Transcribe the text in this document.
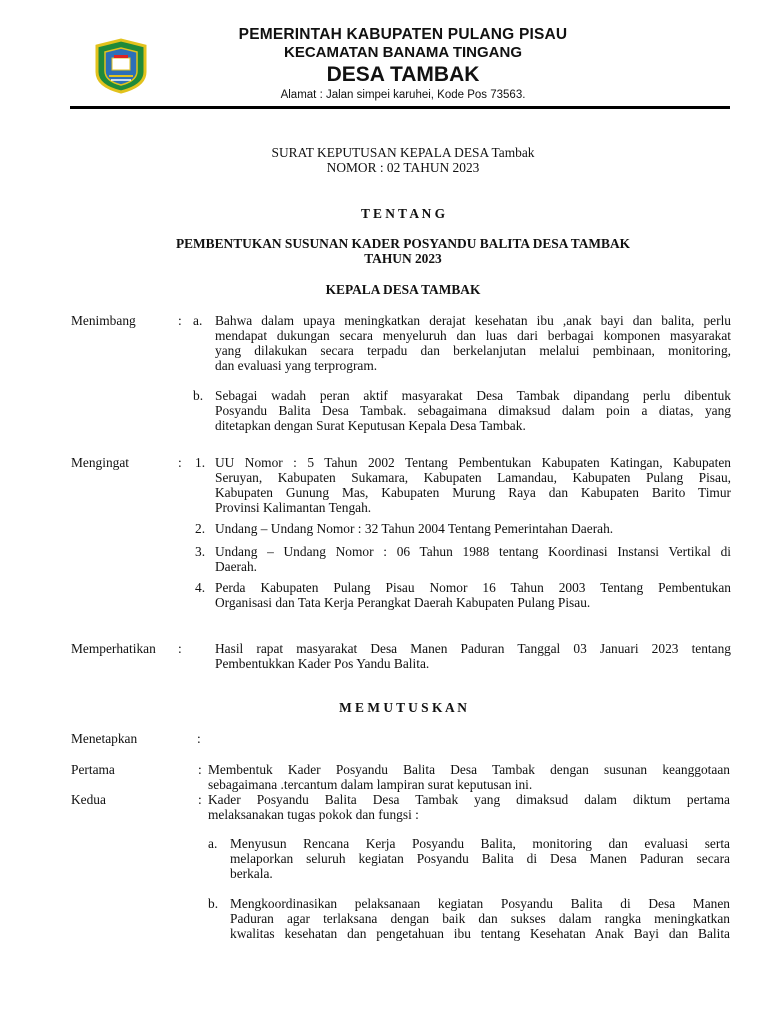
PEMERINTAH KABUPATEN PULANG PISAU
KECAMATAN BANAMA TINGANG
DESA TAMBAK
Alamat : Jalan simpei karuhei, Kode Pos 73563.
SURAT KEPUTUSAN KEPALA DESA Tambak
NOMOR : 02 TAHUN 2023
T E N T A N G
PEMBENTUKAN SUSUNAN KADER POSYANDU BALITA DESA TAMBAK
TAHUN 2023
KEPALA DESA TAMBAK
Menimbang	: a. Bahwa dalam upaya meningkatkan derajat kesehatan ibu ,anak bayi dan balita, perlu
mendapat dukungan secara menyeluruh dan luas dari berbagai komponen masyarakat
yang dilakukan secara terpadu dan berkelanjutan melalui pembinaan, monitoring,
dan evaluasi yang terprogram.
b. Sebagai wadah peran aktif masyarakat Desa Tambak dipandang perlu dibentuk
Posyandu Balita Desa Tambak. sebagaimana dimaksud dalam poin a diatas, yang
ditetapkan dengan Surat Keputusan Kepala Desa Tambak.
Mengingat	: 1. UU Nomor : 5 Tahun 2002 Tentang Pembentukan Kabupaten Katingan, Kabupaten
Seruyan, Kabupaten Sukamara, Kabupaten Lamandau, Kabupaten Pulang Pisau,
Kabupaten Gunung Mas, Kabupaten Murung Raya dan Kabupaten Barito Timur
Provinsi Kalimantan Tengah.
2. Undang – Undang Nomor : 32 Tahun 2004 Tentang Pemerintahan Daerah.
3. Undang – Undang Nomor : 06 Tahun 1988 tentang Koordinasi Instansi Vertikal di
Daerah.
4. Perda Kabupaten Pulang Pisau Nomor 16 Tahun 2003 Tentang Pembentukan
Organisasi dan Tata Kerja Perangkat Daerah Kabupaten Pulang Pisau.
Memperhatikan : Hasil rapat masyarakat Desa Manen Paduran Tanggal 03 Januari 2023 tentang
Pembentukkan Kader Pos Yandu Balita.
M E M U T U S K A N
Menetapkan	:
Pertama	: Membentuk Kader Posyandu Balita Desa Tambak dengan susunan keanggotaan
sebagaimana .tercantum dalam lampiran surat keputusan ini.
Kedua	: Kader Posyandu Balita Desa Tambak yang dimaksud dalam diktum pertama
melaksanakan tugas pokok dan fungsi :
a. Menyusun Rencana Kerja Posyandu Balita, monitoring dan evaluasi serta
melaporkan seluruh kegiatan Posyandu Balita di Desa Manen Paduran secara
berkala.
b. Mengkoordinasikan pelaksanaan kegiatan Posyandu Balita di Desa Manen
Paduran agar terlaksana dengan baik dan sukses dalam rangka meningkatkan
kwalitas kesehatan dan pengetahuan ibu tentang Kesehatan Anak Bayi dan Balita
